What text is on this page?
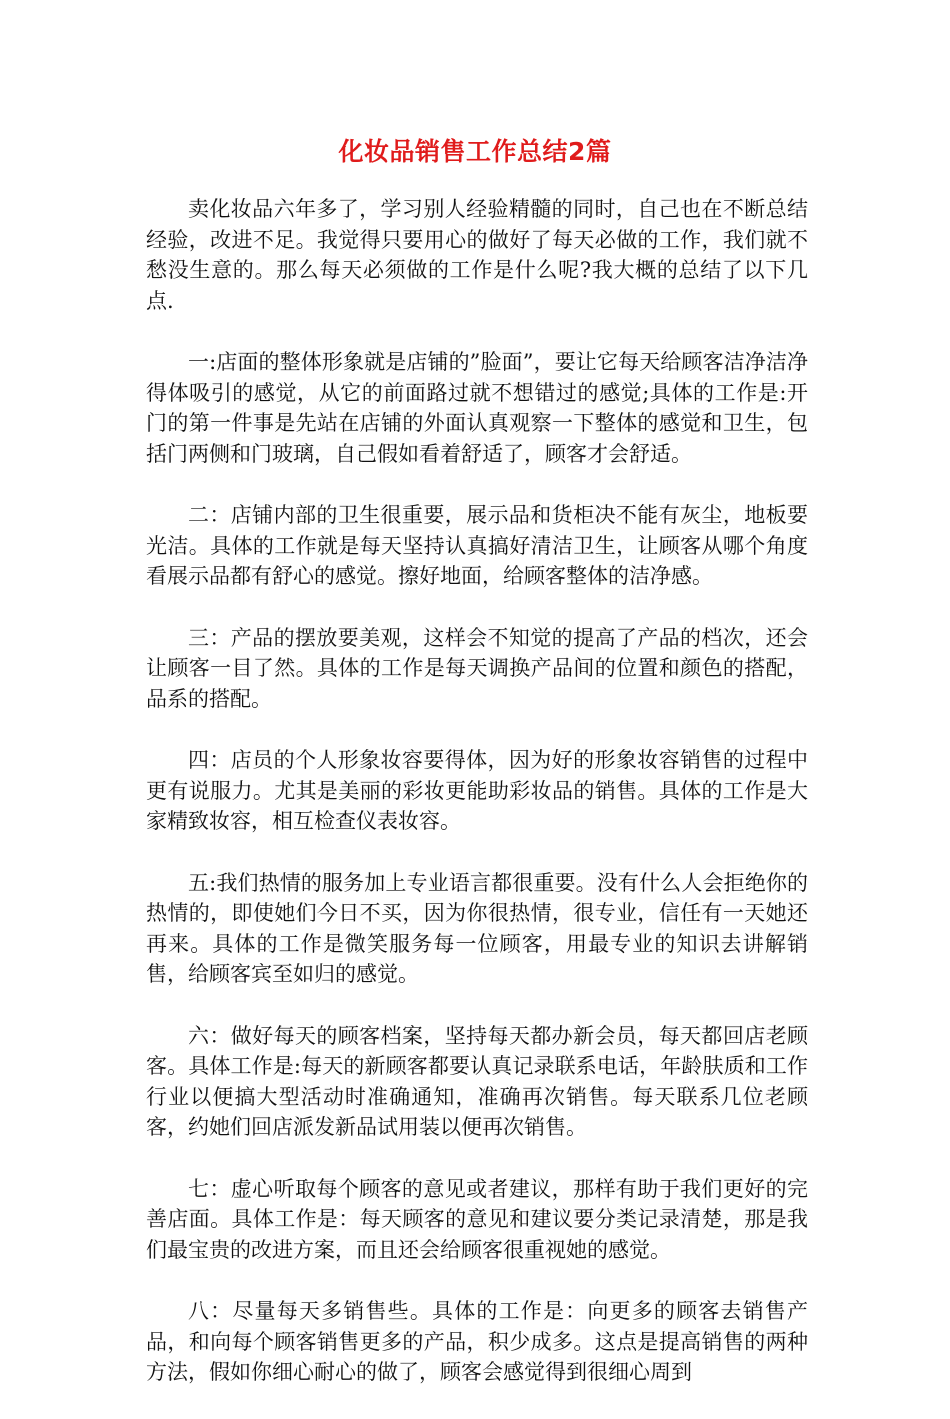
化妆品销售工作总结2篇

卖化妆品六年多了，学习别人经验精髓的同时，自己也在不断总结经验，改进不足。我觉得只要用心的做好了每天必做的工作，我们就不愁没生意的。那么每天必须做的工作是什么呢?我大概的总结了以下几点.

一:店面的整体形象就是店铺的”脸面”，要让它每天给顾客洁净洁净得体吸引的感觉，从它的前面路过就不想错过的感觉;具体的工作是:开门的第一件事是先站在店铺的外面认真观察一下整体的感觉和卫生，包括门两侧和门玻璃，自己假如看着舒适了，顾客才会舒适。

二：店铺内部的卫生很重要，展示品和货柜决不能有灰尘，地板要光洁。具体的工作就是每天坚持认真搞好清洁卫生，让顾客从哪个角度看展示品都有舒心的感觉。擦好地面，给顾客整体的洁净感。

三：产品的摆放要美观，这样会不知觉的提高了产品的档次，还会让顾客一目了然。具体的工作是每天调换产品间的位置和颜色的搭配，品系的搭配。

四：店员的个人形象妆容要得体，因为好的形象妆容销售的过程中更有说服力。尤其是美丽的彩妆更能助彩妆品的销售。具体的工作是大家精致妆容，相互检查仪表妆容。

五:我们热情的服务加上专业语言都很重要。没有什么人会拒绝你的热情的，即使她们今日不买，因为你很热情，很专业，信任有一天她还再来。具体的工作是微笑服务每一位顾客，用最专业的知识去讲解销售，给顾客宾至如归的感觉。

六：做好每天的顾客档案，坚持每天都办新会员，每天都回店老顾客。具体工作是:每天的新顾客都要认真记录联系电话，年龄肤质和工作行业以便搞大型活动时准确通知，准确再次销售。每天联系几位老顾客，约她们回店派发新品试用装以便再次销售。

七：虚心听取每个顾客的意见或者建议，那样有助于我们更好的完善店面。具体工作是：每天顾客的意见和建议要分类记录清楚，那是我们最宝贵的改进方案，而且还会给顾客很重视她的感觉。

八：尽量每天多销售些。具体的工作是：向更多的顾客去销售产品，和向每个顾客销售更多的产品，积少成多。这点是提高销售的两种方法，假如你细心耐心的做了，顾客会感觉得到很细心周到
